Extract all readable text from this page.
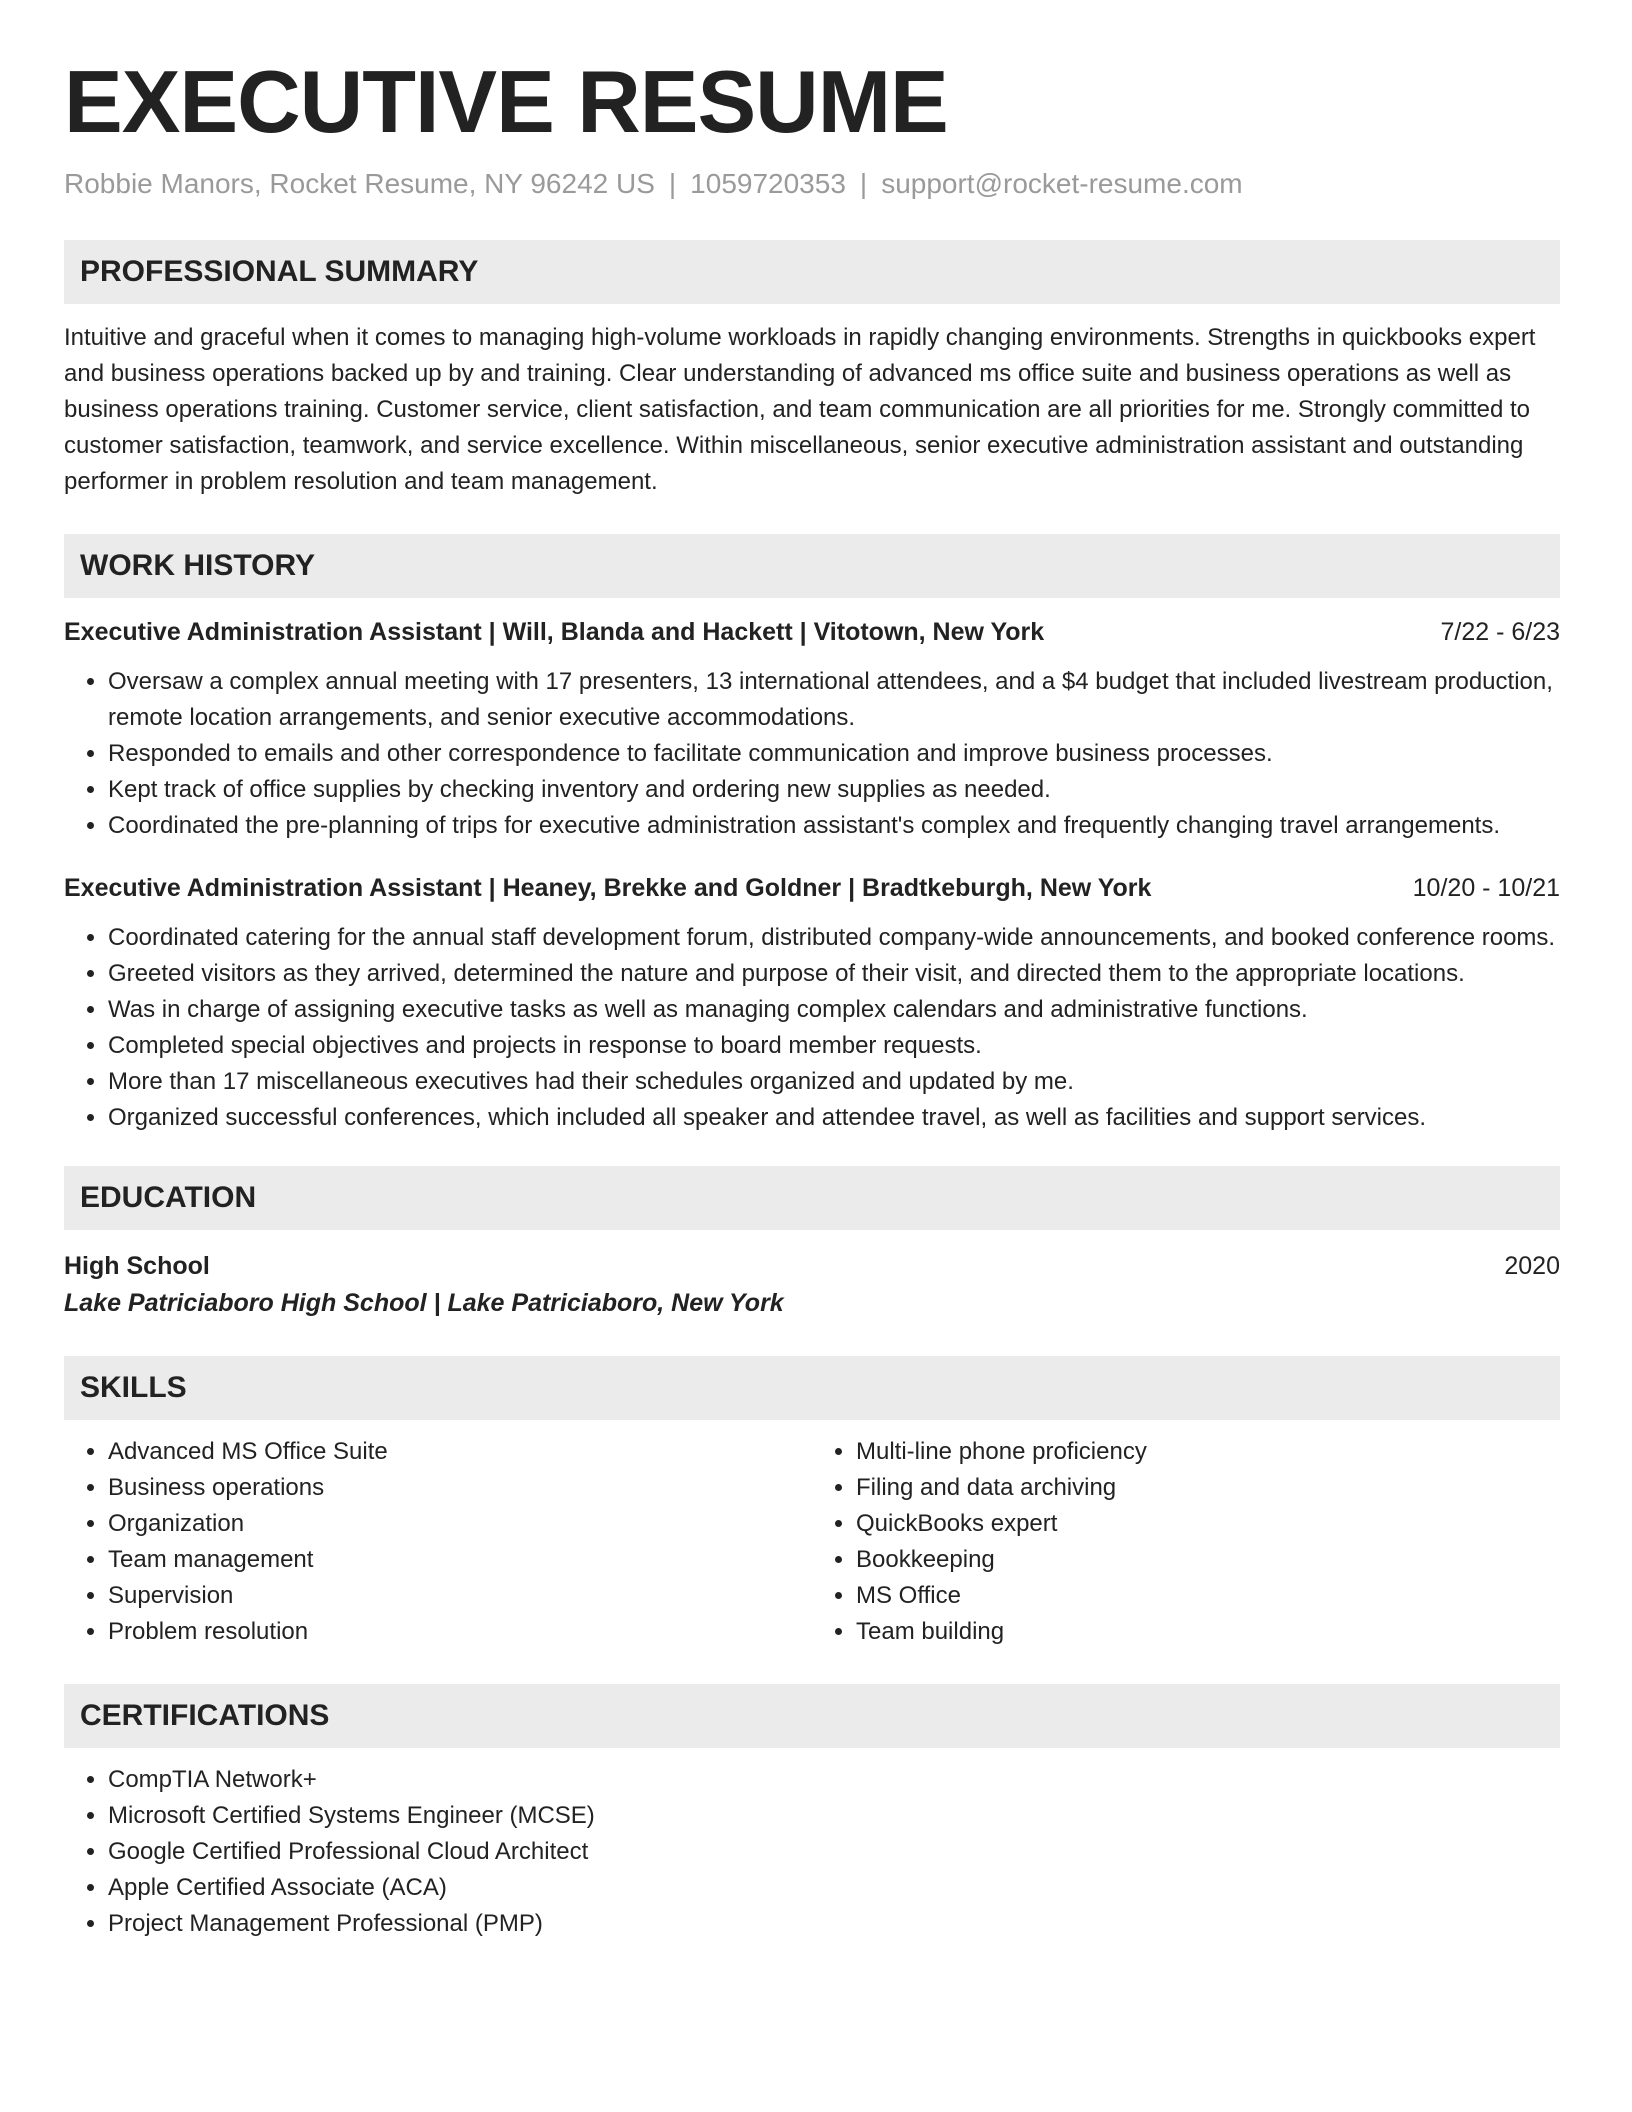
EXECUTIVE RESUME
Robbie Manors, Rocket Resume, NY 96242 US | 1059720353 | support@rocket-resume.com
PROFESSIONAL SUMMARY
Intuitive and graceful when it comes to managing high-volume workloads in rapidly changing environments. Strengths in quickbooks expert and business operations backed up by and training. Clear understanding of advanced ms office suite and business operations as well as business operations training. Customer service, client satisfaction, and team communication are all priorities for me. Strongly committed to customer satisfaction, teamwork, and service excellence. Within miscellaneous, senior executive administration assistant and outstanding performer in problem resolution and team management.
WORK HISTORY
Executive Administration Assistant | Will, Blanda and Hackett | Vitotown, New York	7/22 - 6/23
• Oversaw a complex annual meeting with 17 presenters, 13 international attendees, and a $4 budget that included livestream production, remote location arrangements, and senior executive accommodations.
• Responded to emails and other correspondence to facilitate communication and improve business processes.
• Kept track of office supplies by checking inventory and ordering new supplies as needed.
• Coordinated the pre-planning of trips for executive administration assistant's complex and frequently changing travel arrangements.
Executive Administration Assistant | Heaney, Brekke and Goldner | Bradtkeburgh, New York	10/20 - 10/21
• Coordinated catering for the annual staff development forum, distributed company-wide announcements, and booked conference rooms.
• Greeted visitors as they arrived, determined the nature and purpose of their visit, and directed them to the appropriate locations.
• Was in charge of assigning executive tasks as well as managing complex calendars and administrative functions.
• Completed special objectives and projects in response to board member requests.
• More than 17 miscellaneous executives had their schedules organized and updated by me.
• Organized successful conferences, which included all speaker and attendee travel, as well as facilities and support services.
EDUCATION
High School	2020
Lake Patriciaboro High School | Lake Patriciaboro, New York
SKILLS
• Advanced MS Office Suite
• Business operations
• Organization
• Team management
• Supervision
• Problem resolution
• Multi-line phone proficiency
• Filing and data archiving
• QuickBooks expert
• Bookkeeping
• MS Office
• Team building
CERTIFICATIONS
• CompTIA Network+
• Microsoft Certified Systems Engineer (MCSE)
• Google Certified Professional Cloud Architect
• Apple Certified Associate (ACA)
• Project Management Professional (PMP)
